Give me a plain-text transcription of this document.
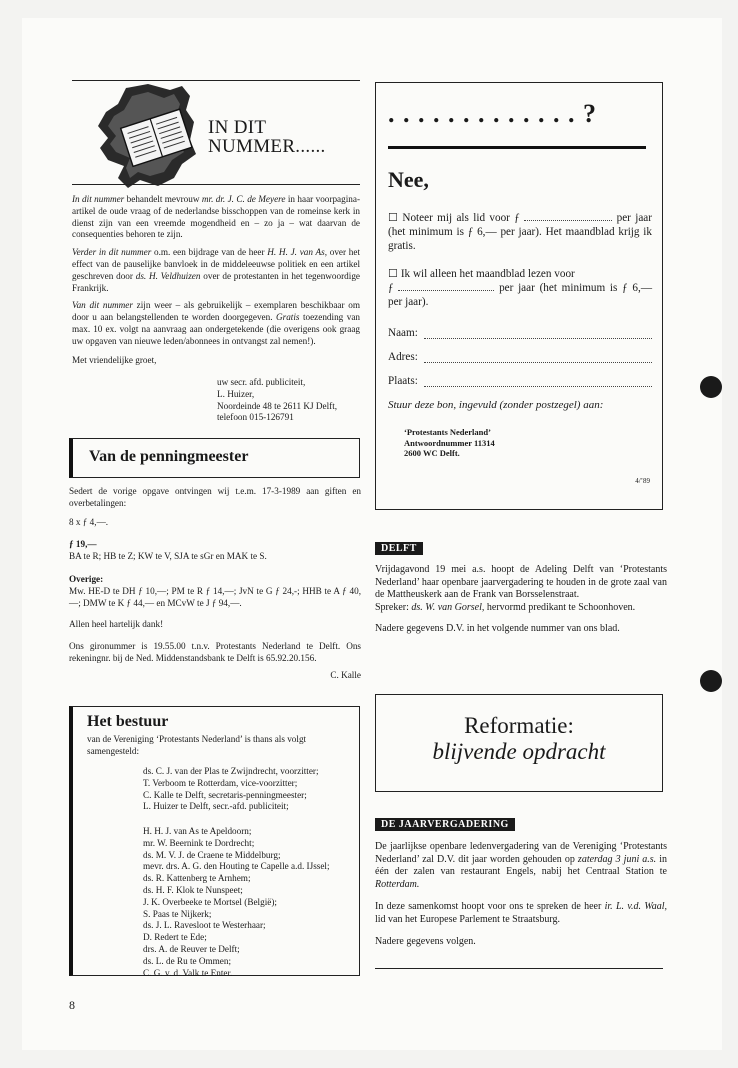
IN DIT
NUMMER......

In dit nummer behandelt mevrouw mr. dr. J. C. de Meyere in haar voorpagina-artikel de oude vraag of de nederlandse bisschoppen van de romeinse kerk in dienst zijn van een vreemde mogendheid en – zo ja – wat daarvan de consequenties behoren te zijn.

Verder in dit nummer o.m. een bijdrage van de heer H. H. J. van As, over het effect van de pauselijke banvloek in de middeleeuwse politiek en een artikel geschreven door ds. H. Veldhuizen over de protestanten in het tegenwoordige Frankrijk.

Van dit nummer zijn weer – als gebruikelijk – exemplaren beschikbaar om door u aan belangstellenden te worden doorgegeven. Gratis toezending van max. 10 ex. volgt na aanvraag aan ondergetekende (die overigens ook graag uw opgaven van nieuwe leden/abonnees in ontvangst zal nemen!).

Met vriendelijke groet,

uw secr. afd. publiciteit,
L. Huizer,
Noordeinde 48 te 2611 KJ Delft,
telefoon 015-126791
Van de penningmeester

Sedert de vorige opgave ontvingen wij t.e.m. 17-3-1989 aan giften en overbetalingen:

8 x ƒ 4,—.

ƒ 19,—

BA te R; HB te Z; KW te V, SJA te sGr en MAK te S.

Overige:

Mw. HE-D te DH ƒ 10,—; PM te R ƒ 14,—; JvN te G ƒ 24,-; HHB te A ƒ 40,—; DMW te K ƒ 44,— en MCvW te J ƒ 94,—.

Allen heel hartelijk dank!

Ons gironummer is 19.55.00 t.n.v. Protestants Nederland te Delft. Ons rekeningnr. bij de Ned. Middenstandsbank te Delft is 65.92.20.156.

C. Kalle

Het bestuur
van de Vereniging ‘Protestants Nederland’ is thans als volgt samengesteld:
ds. C. J. van der Plas te Zwijndrecht, voorzitter;
T. Verboom te Rotterdam, vice-voorzitter;
C. Kalle te Delft, secretaris-penningmeester;
L. Huizer te Delft, secr.-afd. publiciteit;
H. H. J. van As te Apeldoorn;
mr. W. Beernink te Dordrecht;
ds. M. V. J. de Craene te Middelburg;
mevr. drs. A. G. den Houting te Capelle a.d. IJssel;
ds. R. Kattenberg te Arnhem;
ds. H. F. Klok te Nunspeet;
J. K. Overbeeke te Mortsel (België);
S. Paas te Nijkerk;
ds. J. L. Ravesloot te Westerhaar;
D. Redert te Ede;
drs. A. de Reuver te Delft;
ds. L. de Ru te Ommen;
C. G. v. d. Valk te Enter.
8
. . . . . . . . . . . . . ?
Nee,
☐ Noteer mij als lid voor ƒ	per jaar (het minimum is ƒ 6,— per jaar). Het maandblad krijg ik gratis.
☐ Ik wil alleen het maandblad lezen voor
ƒ	per jaar (het minimum is ƒ 6,— per jaar).
Naam:
Adres:
Plaats:
Stuur deze bon, ingevuld (zonder postzegel) aan:
‘Protestants Nederland’
Antwoordnummer 11314
2600 WC Delft.
4/’89
DELFT

Vrijdagavond 19 mei a.s. hoopt de Adeling Delft van ‘Protestants Nederland’ haar openbare jaarvergadering te houden in de grote zaal van de Mattheuskerk aan de Frank van Borsselenstraat.

Spreker: ds. W. van Gorsel, hervormd predikant te Schoonhoven.

Nadere gegevens D.V. in het volgende nummer van ons blad.

Reformatie:
blijvende opdracht
DE JAARVERGADERING

De jaarlijkse openbare ledenvergadering van de Vereniging ‘Protestants Nederland’ zal D.V. dit jaar worden gehouden op zaterdag 3 juni a.s. in één der zalen van restaurant Engels, nabij het Centraal Station te Rotterdam.

In deze samenkomst hoopt voor ons te spreken de heer ir. L. v.d. Waal, lid van het Europese Parlement te Straatsburg.

Nadere gegevens volgen.
